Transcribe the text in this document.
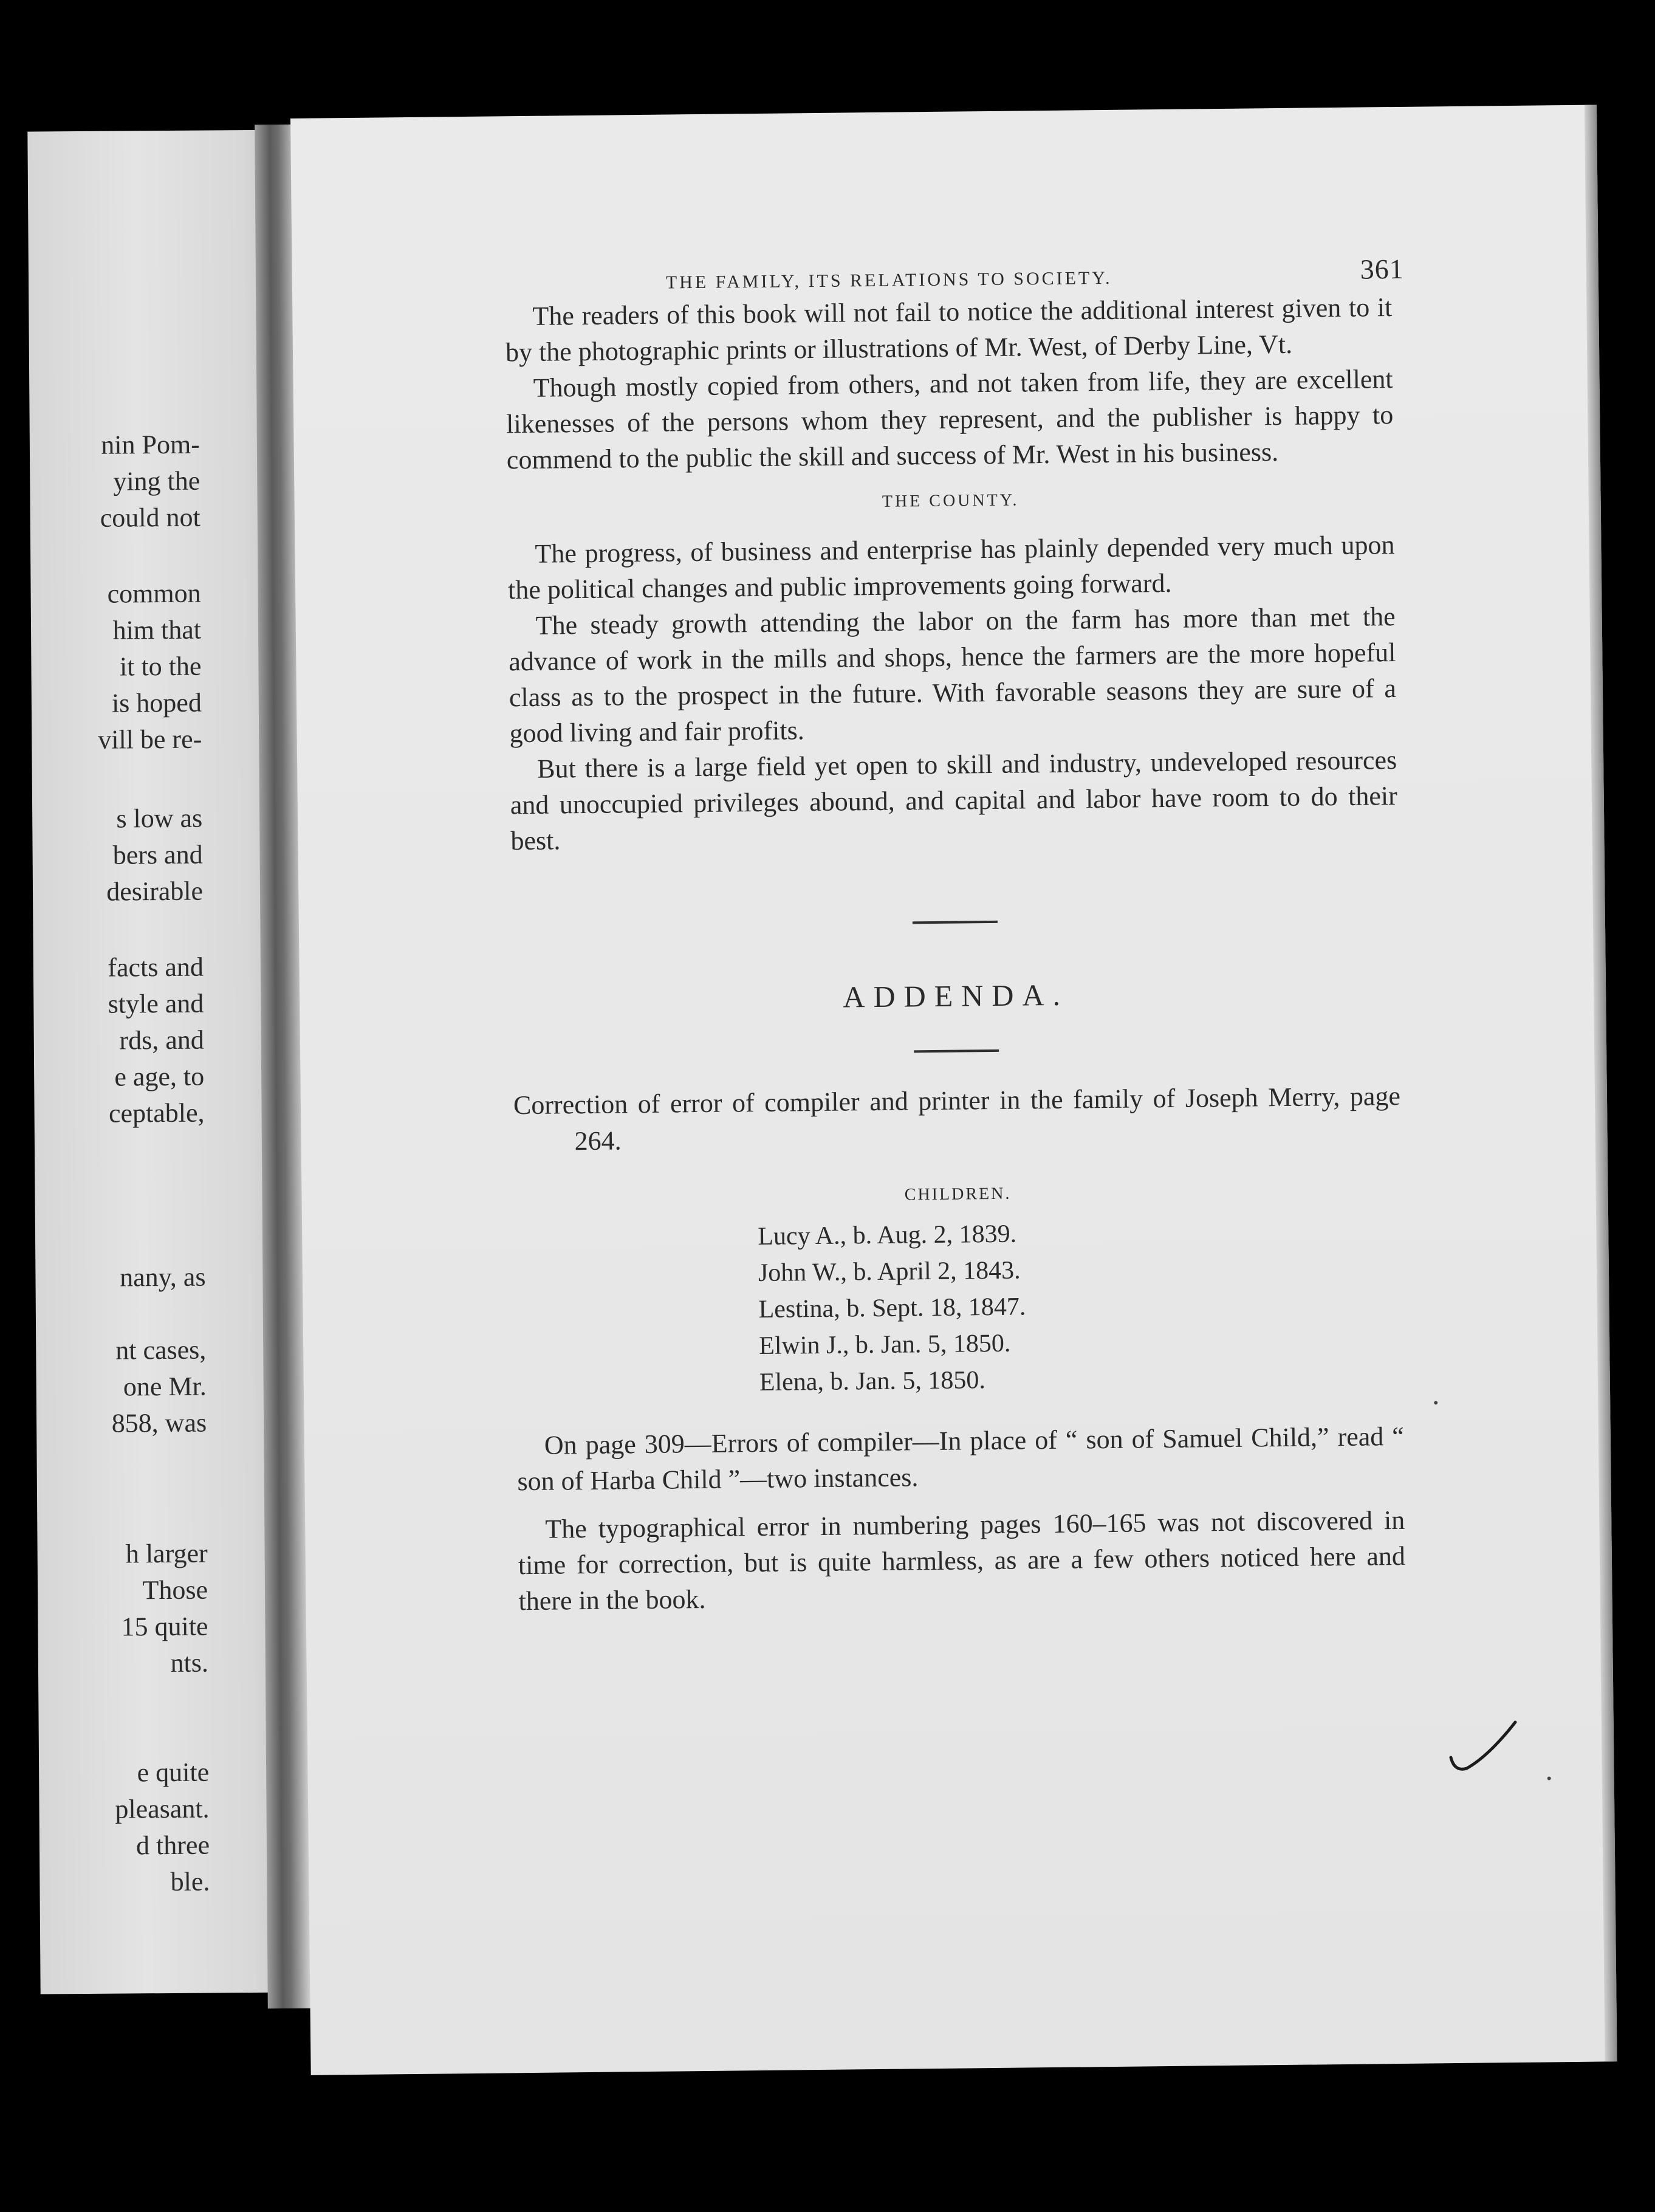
nin Pom-
ying the
could not
common
him that
it to the
is hoped
vill be re-
s low as
bers and
desirable
facts and
style and
rds, and
e age, to
ceptable,
nany, as
nt cases,
one Mr.
858, was
h larger
Those
15 quite
nts.
e quite
pleasant.
d three
ble.
THE FAMILY, ITS RELATIONS TO SOCIETY.	361

The readers of this book will not fail to notice the additional interest given to it by the photographic prints or illustrations of Mr. West, of Derby Line, Vt.

Though mostly copied from others, and not taken from life, they are excellent likenesses of the persons whom they represent, and the publisher is happy to commend to the public the skill and success of Mr. West in his business.

THE COUNTY.

The progress, of business and enterprise has plainly depended very much upon the political changes and public improvements going forward.

The steady growth attending the labor on the farm has more than met the advance of work in the mills and shops, hence the farmers are the more hopeful class as to the prospect in the future. With favorable seasons they are sure of a good living and fair profits.

But there is a large field yet open to skill and industry, undeveloped resources and unoccupied privileges abound, and capital and labor have room to do their best.

ADDENDA.

Correction of error of compiler and printer in the family of Joseph Merry, page 264.

CHILDREN.
Lucy A., b. Aug. 2, 1839.
John W., b. April 2, 1843.
Lestina, b. Sept. 18, 1847.
Elwin J., b. Jan. 5, 1850.
Elena, b. Jan. 5, 1850.

On page 309—Errors of compiler—In place of “ son of Samuel Child,” read “ son of Harba Child ”—two instances.

The typographical error in numbering pages 160–165 was not discovered in time for correction, but is quite harmless, as are a few others noticed here and there in the book.
